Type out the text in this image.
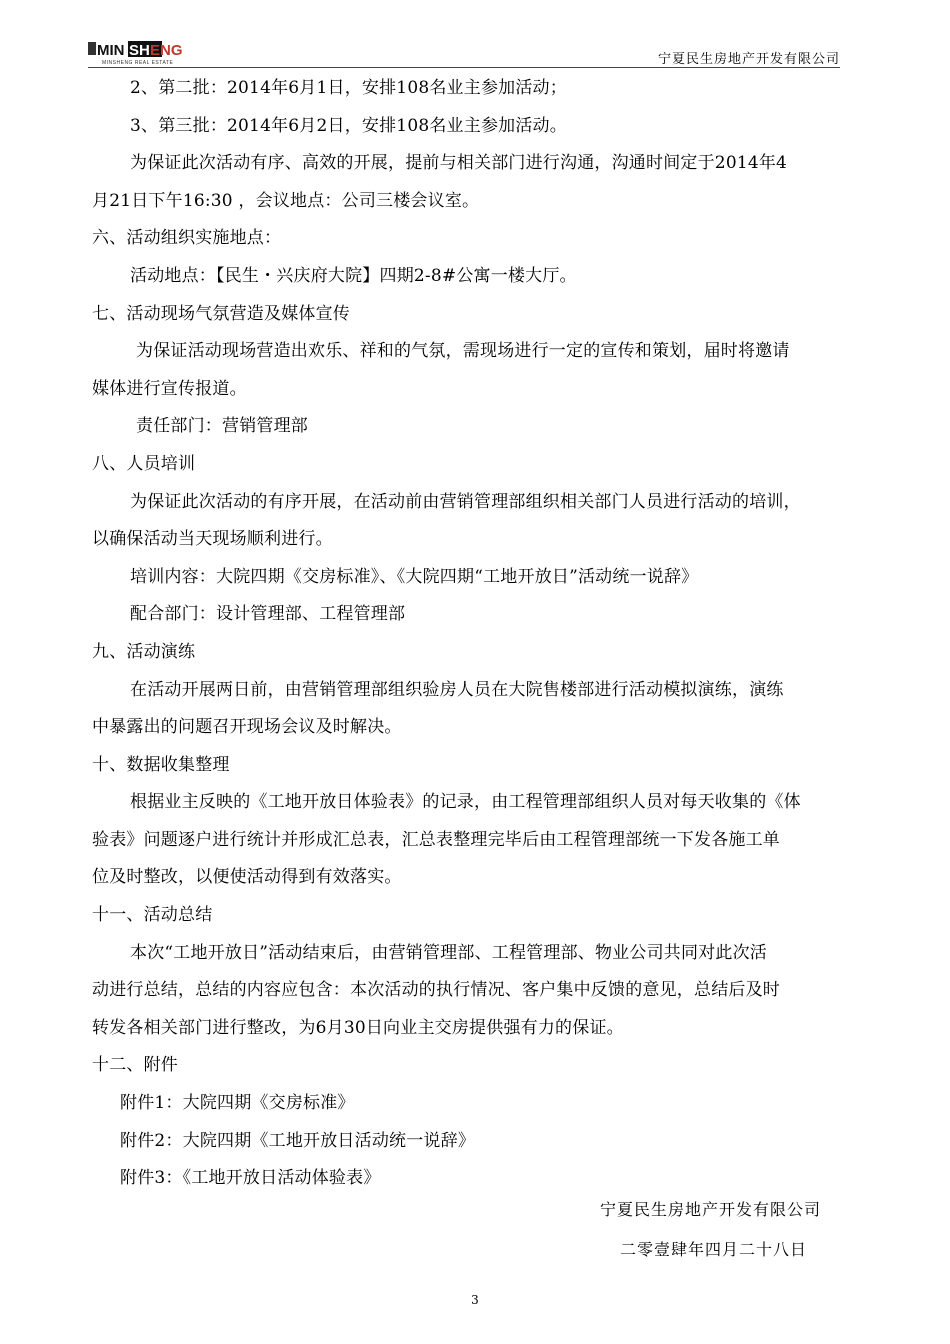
MIN SH ENG
MINSHENG REAL ESTATE	宁夏民生房地产开发有限公司
2、第二批：2014年6月1日，安排108名业主参加活动；
3、第三批：2014年6月2日，安排108名业主参加活动。
为保证此次活动有序、高效的开展，提前与相关部门进行沟通，沟通时间定于2014年4
月21日下午16:30 ，会议地点：公司三楼会议室。
六、活动组织实施地点：
活动地点：【民生・兴庆府大院】四期2-8#公寓一楼大厅。
七、活动现场气氛营造及媒体宣传
为保证活动现场营造出欢乐、祥和的气氛，需现场进行一定的宣传和策划，届时将邀请
媒体进行宣传报道。
责任部门：营销管理部
八、人员培训
为保证此次活动的有序开展，在活动前由营销管理部组织相关部门人员进行活动的培训，
以确保活动当天现场顺利进行。
培训内容：大院四期《交房标准》、《大院四期“工地开放日”活动统一说辞》
配合部门：设计管理部、工程管理部
九、活动演练
在活动开展两日前，由营销管理部组织验房人员在大院售楼部进行活动模拟演练，演练
中暴露出的问题召开现场会议及时解决。
十、数据收集整理
根据业主反映的《工地开放日体验表》的记录，由工程管理部组织人员对每天收集的《体
验表》问题逐户进行统计并形成汇总表，汇总表整理完毕后由工程管理部统一下发各施工单
位及时整改，以便使活动得到有效落实。
十一、活动总结
本次“工地开放日”活动结束后，由营销管理部、工程管理部、物业公司共同对此次活
动进行总结，总结的内容应包含：本次活动的执行情况、客户集中反馈的意见，总结后及时
转发各相关部门进行整改，为6月30日向业主交房提供强有力的保证。
十二、附件
附件1：大院四期《交房标准》
附件2：大院四期《工地开放日活动统一说辞》
附件3：《工地开放日活动体验表》
宁夏民生房地产开发有限公司
二零壹肆年四月二十八日
3
